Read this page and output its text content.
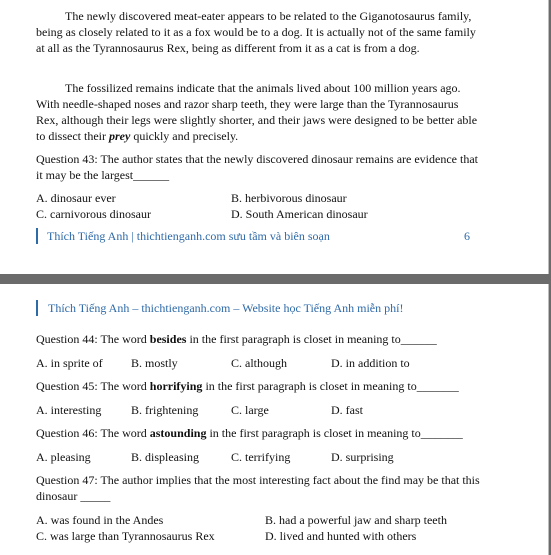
The newly discovered meat-eater appears to be related to the Giganotosaurus family, being as closely related to it as a fox would be to a dog. It is actually not of the same family at all as the Tyrannosaurus Rex, being as different from it as a cat is from a dog.

The fossilized remains indicate that the animals lived about 100 million years ago. With needle-shaped noses and razor sharp teeth, they were large than the Tyrannosaurus Rex, although their legs were slightly shorter, and their jaws were designed to be better able to dissect their prey quickly and precisely.

Question 43: The author states that the newly discovered dinosaur remains are evidence that it may be the largest______

A. dinosaur ever	B. herbivorous dinosaur
C. carnivorous dinosaur	D. South American dinosaur
Thích Tiếng Anh | thichtienganh.com sưu tầm và biên soạn	6
Thích Tiếng Anh – thichtienganh.com – Website học Tiếng Anh miễn phí!

Question 44: The word besides in the first paragraph is closet in meaning to______

A. in sprite of B. mostly	C. although	D. in addition to

Question 45: The word horrifying in the first paragraph is closet in meaning to_______

A. interesting B. frightening	C. large	D. fast

Question 46: The word astounding in the first paragraph is closet in meaning to_______

A. pleasing	B. displeasing	C. terrifying	D. surprising

Question 47: The author implies that the most interesting fact about the find may be that this dinosaur _____

A. was found in the Andes	B. had a powerful jaw and sharp teeth
C. was large than Tyrannosaurus Rex	D. lived and hunted with others
